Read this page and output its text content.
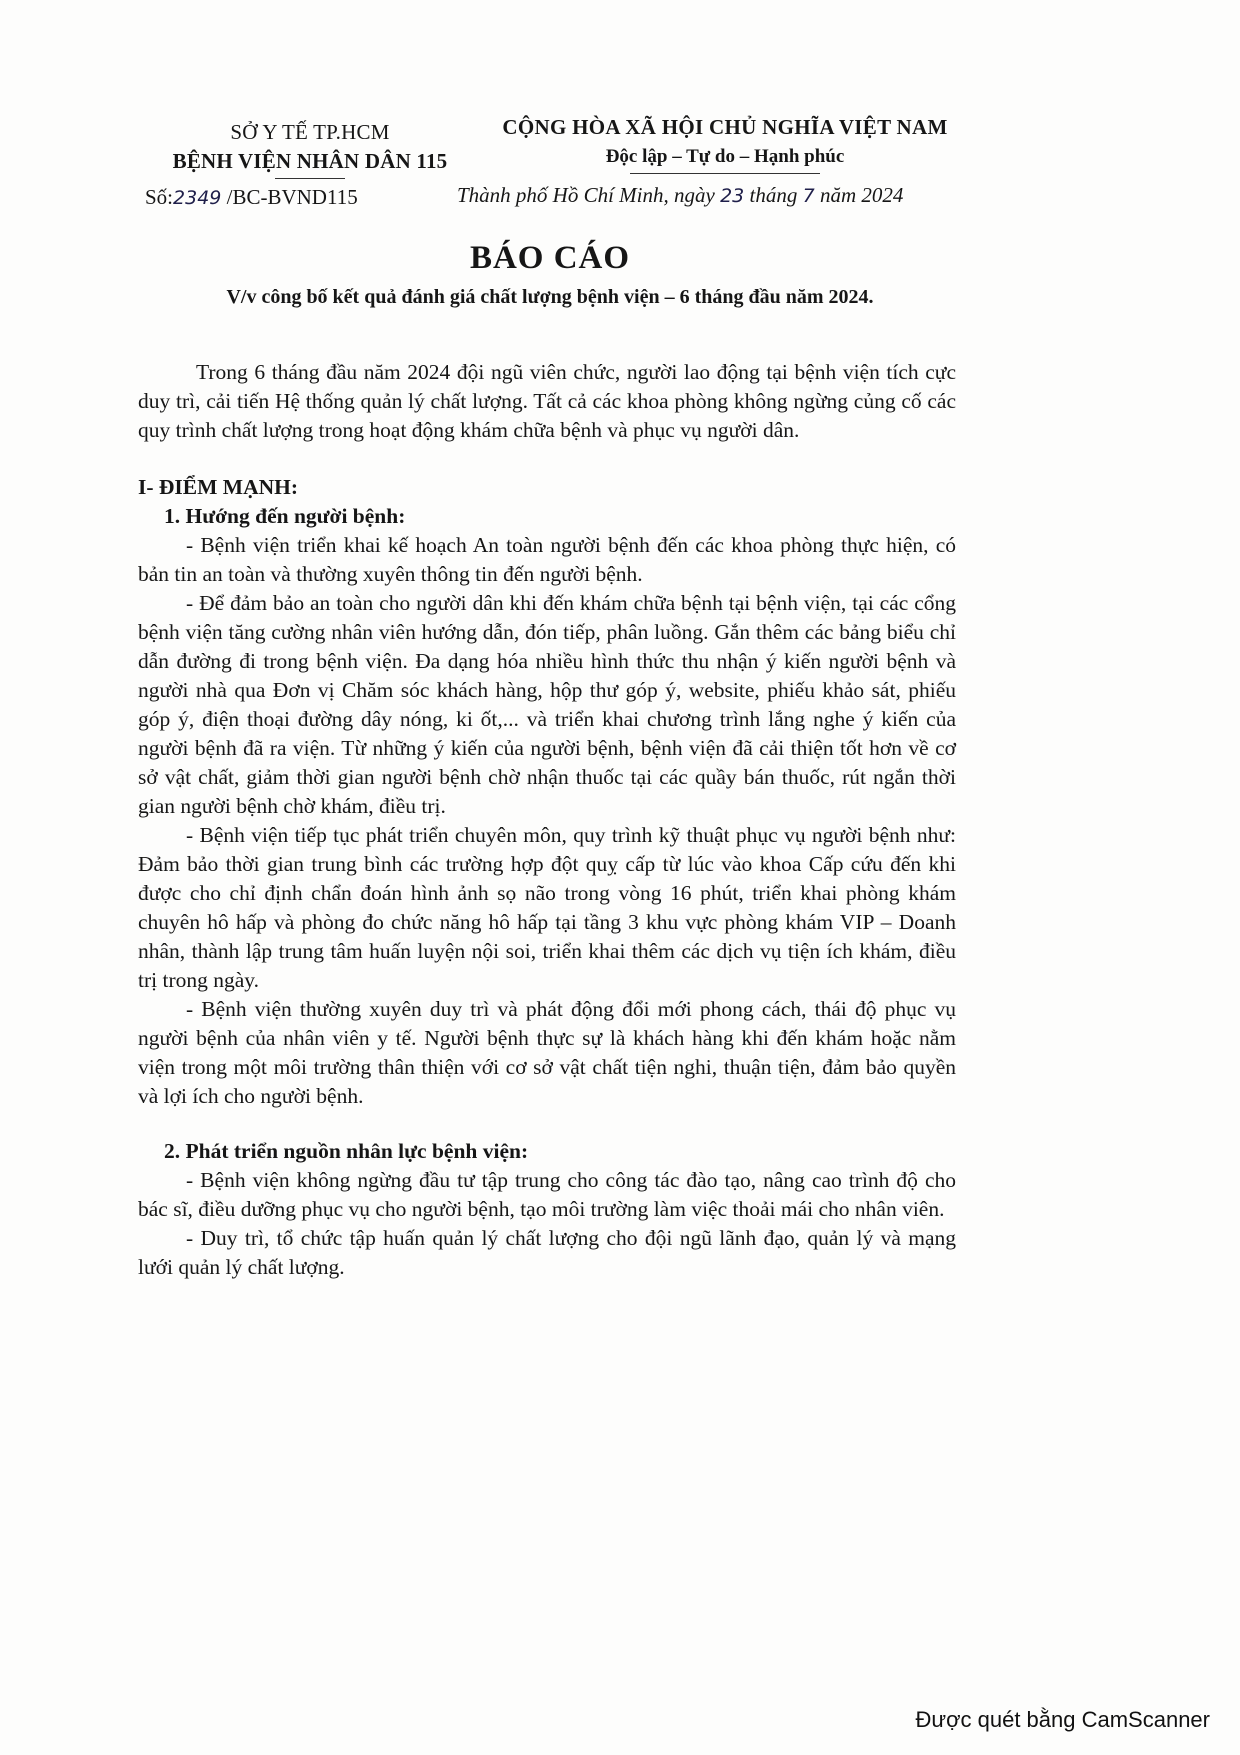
SỞ Y TẾ TP.HCM
BỆNH VIỆN NHÂN DÂN 115
CỘNG HÒA XÃ HỘI CHỦ NGHĨA VIỆT NAM
Độc lập – Tự do – Hạnh phúc
Số:2349 /BC-BVND115	Thành phố Hồ Chí Minh, ngày 23 tháng 7 năm 2024
BÁO CÁO
V/v công bố kết quả đánh giá chất lượng bệnh viện – 6 tháng đầu năm 2024.

Trong 6 tháng đầu năm 2024 đội ngũ viên chức, người lao động tại bệnh viện tích cực duy trì, cải tiến Hệ thống quản lý chất lượng. Tất cả các khoa phòng không ngừng củng cố các quy trình chất lượng trong hoạt động khám chữa bệnh và phục vụ người dân.

I- ĐIỂM MẠNH:

1. Hướng đến người bệnh:

- Bệnh viện triển khai kế hoạch An toàn người bệnh đến các khoa phòng thực hiện, có bản tin an toàn và thường xuyên thông tin đến người bệnh.

- Để đảm bảo an toàn cho người dân khi đến khám chữa bệnh tại bệnh viện, tại các cổng bệnh viện tăng cường nhân viên hướng dẫn, đón tiếp, phân luồng. Gắn thêm các bảng biểu chỉ dẫn đường đi trong bệnh viện. Đa dạng hóa nhiều hình thức thu nhận ý kiến người bệnh và người nhà qua Đơn vị Chăm sóc khách hàng, hộp thư góp ý, website, phiếu khảo sát, phiếu góp ý, điện thoại đường dây nóng, ki ốt,... và triển khai chương trình lắng nghe ý kiến của người bệnh đã ra viện. Từ những ý kiến của người bệnh, bệnh viện đã cải thiện tốt hơn về cơ sở vật chất, giảm thời gian người bệnh chờ nhận thuốc tại các quầy bán thuốc, rút ngắn thời gian người bệnh chờ khám, điều trị.

- Bệnh viện tiếp tục phát triển chuyên môn, quy trình kỹ thuật phục vụ người bệnh như: Đảm bảo thời gian trung bình các trường hợp đột quỵ cấp từ lúc vào khoa Cấp cứu đến khi được cho chỉ định chẩn đoán hình ảnh sọ não trong vòng 16 phút, triển khai phòng khám chuyên hô hấp và phòng đo chức năng hô hấp tại tầng 3 khu vực phòng khám VIP – Doanh nhân, thành lập trung tâm huấn luyện nội soi, triển khai thêm các dịch vụ tiện ích khám, điều trị trong ngày.

- Bệnh viện thường xuyên duy trì và phát động đổi mới phong cách, thái độ phục vụ người bệnh của nhân viên y tế. Người bệnh thực sự là khách hàng khi đến khám hoặc nằm viện trong một môi trường thân thiện với cơ sở vật chất tiện nghi, thuận tiện, đảm bảo quyền và lợi ích cho người bệnh.

2. Phát triển nguồn nhân lực bệnh viện:

- Bệnh viện không ngừng đầu tư tập trung cho công tác đào tạo, nâng cao trình độ cho bác sĩ, điều dưỡng phục vụ cho người bệnh, tạo môi trường làm việc thoải mái cho nhân viên.

- Duy trì, tổ chức tập huấn quản lý chất lượng cho đội ngũ lãnh đạo, quản lý và mạng lưới quản lý chất lượng.

Được quét bằng CamScanner
